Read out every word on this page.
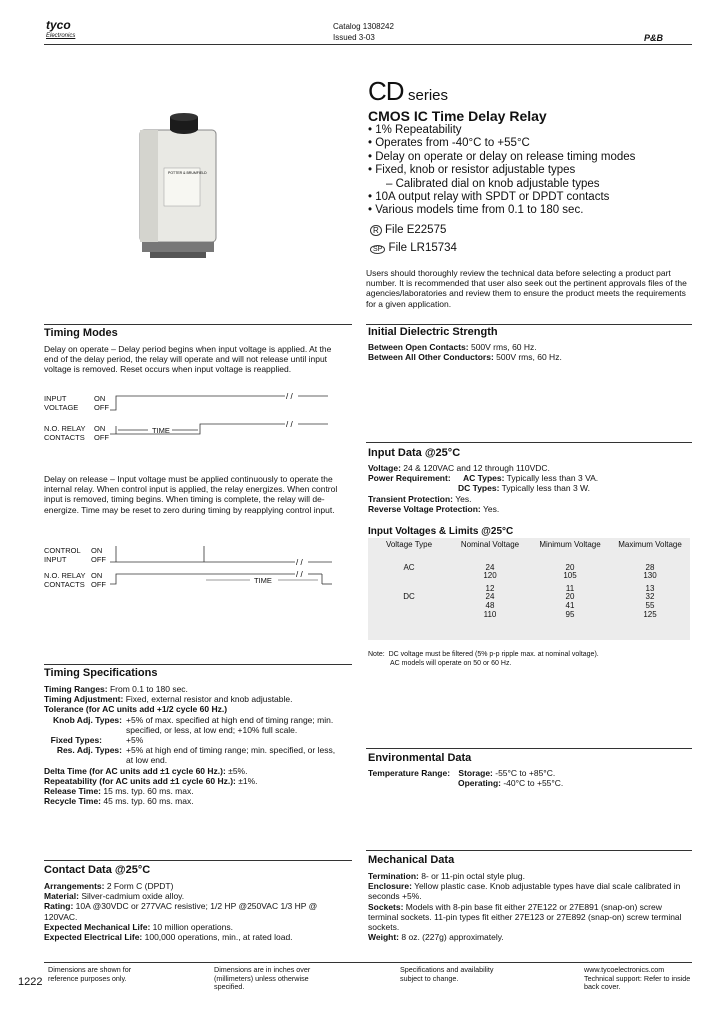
tyco
Electronics
Catalog 1308242
Issued 3-03	P&B
POTTER & BRUMFIELD
CD series
CMOS IC Time Delay Relay
• 1% Repeatability
• Operates from -40°C to +55°C
• Delay on operate or delay on release timing modes
• Fixed, knob or resistor adjustable types
– Calibrated dial on knob adjustable types
• 10A output relay with SPDT or DPDT contacts
• Various models time from 0.1 to 180 sec.
R File E22575
SP File LR15734
Users should thoroughly review the technical data before selecting a product part number. It is recommended that user also seek out the pertinent approvals files of the agencies/laboratories and review them to ensure the product meets the requirements for a given application.
Timing Modes
Delay on operate – Delay period begins when input voltage is applied. At the end of the delay period, the relay will operate and will not release until input voltage is removed. Reset occurs when input voltage is reapplied.
INPUT
VOLTAGE
ON
OFF
N.O. RELAY
CONTACTS
ON
OFF
/ /
/ /
TIME
Delay on release – Input voltage must be applied continuously to operate the internal relay. When control input is applied, the relay energizes. When control input is removed, timing begins. When timing is complete, the relay will de-energize. Time may be reset to zero during timing by reapplying control input.
CONTROL
INPUT
ON
OFF
N.O. RELAY
CONTACTS
ON
OFF
/ /
/ /
TIME
Timing Specifications
Timing Ranges: From 0.1 to 180 sec.
Timing Adjustment: Fixed, external resistor and knob adjustable.
Tolerance (for AC units add +1/2 cycle 60 Hz.)
Knob Adj. Types: +5% of max. specified at high end of timing range; min. specified, or less, at low end; +10% full scale.
Fixed Types:	+5%
Res. Adj. Types: +5% at high end of timing range; min. specified, or less, at low end.
Delta Time (for AC units add ±1 cycle 60 Hz.): ±5%.
Repeatability (for AC units add ±1 cycle 60 Hz.): ±1%.
Release Time: 15 ms. typ. 60 ms. max.
Recycle Time: 45 ms. typ. 60 ms. max.
Contact Data @25°C
Arrangements: 2 Form C (DPDT)
Material: Silver-cadmium oxide alloy.
Rating: 10A @30VDC or 277VAC resistive; 1/2 HP @250VAC 1/3 HP @ 120VAC.
Expected Mechanical Life: 10 million operations.
Expected Electrical Life: 100,000 operations, min., at rated load.
Initial Dielectric Strength
Between Open Contacts: 500V rms, 60 Hz.
Between All Other Conductors: 500V rms, 60 Hz.
Input Data @25°C
Voltage: 24 & 120VAC and 12 through 110VDC.
Power Requirement: AC Types: Typically less than 3 VA.
DC Types: Typically less than 3 W.
Transient Protection: Yes.
Reverse Voltage Protection: Yes.
Input Voltages & Limits @25°C
Voltage Type	Nominal Voltage	Minimum Voltage	Maximum Voltage

AC	24	20	28
	120	105	130

	12	11	13
DC	24	20	32
	48	41	55
	110	95	125
Note: DC voltage must be filtered (5% p-p ripple max. at nominal voltage).
AC models will operate on 50 or 60 Hz.
Environmental Data
Temperature Range: Storage: -55°C to +85°C.
Operating: -40°C to +55°C.
Mechanical Data
Termination: 8- or 11-pin octal style plug.
Enclosure: Yellow plastic case. Knob adjustable types have dial scale calibrated in seconds +5%.
Sockets: Models with 8-pin base fit either 27E122 or 27E891 (snap-on) screw terminal sockets. 11-pin types fit either 27E123 or 27E892 (snap-on) screw terminal sockets.
Weight: 8 oz. (227g) approximately.
1222
Dimensions are shown for reference purposes only.
Dimensions are in inches over (millimeters) unless otherwise specified.
Specifications and availability subject to change.
www.tycoelectronics.com Technical support: Refer to inside back cover.
